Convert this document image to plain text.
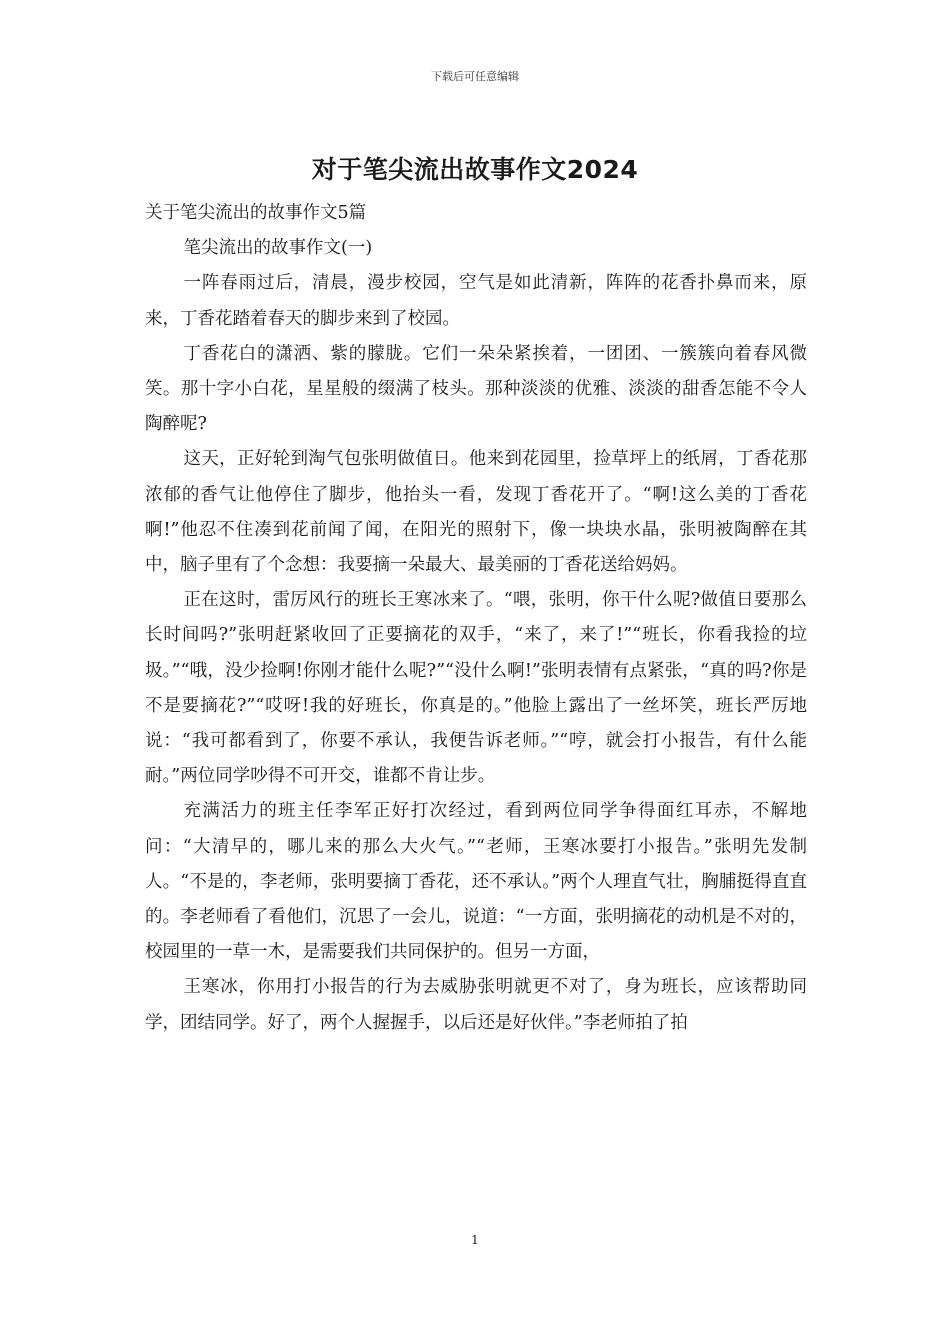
下载后可任意编辑
对于笔尖流出故事作文2024

关于笔尖流出的故事作文5篇

笔尖流出的故事作文(一)

一阵春雨过后，清晨，漫步校园，空气是如此清新，阵阵的花香扑鼻而来，原来，丁香花踏着春天的脚步来到了校园。

丁香花白的潇洒、紫的朦胧。它们一朵朵紧挨着，一团团、一簇簇向着春风微笑。那十字小白花，星星般的缀满了枝头。那种淡淡的优雅、淡淡的甜香怎能不令人陶醉呢?

这天，正好轮到淘气包张明做值日。他来到花园里，捡草坪上的纸屑，丁香花那浓郁的香气让他停住了脚步，他抬头一看，发现丁香花开了。“啊!这么美的丁香花啊!”他忍不住凑到花前闻了闻，在阳光的照射下，像一块块水晶，张明被陶醉在其中，脑子里有了个念想：我要摘一朵最大、最美丽的丁香花送给妈妈。

正在这时，雷厉风行的班长王寒冰来了。“喂，张明，你干什么呢?做值日要那么长时间吗?”张明赶紧收回了正要摘花的双手，“来了，来了!”“班长，你看我捡的垃圾。”“哦，没少捡啊!你刚才能什么呢?”“没什么啊!”张明表情有点紧张，“真的吗?你是不是要摘花?”“哎呀!我的好班长，你真是的。”他脸上露出了一丝坏笑，班长严厉地说：“我可都看到了，你要不承认，我便告诉老师。”“哼，就会打小报告，有什么能耐。”两位同学吵得不可开交，谁都不肯让步。

充满活力的班主任李军正好打次经过，看到两位同学争得面红耳赤，不解地问：“大清早的，哪儿来的那么大火气。”“老师，王寒冰要打小报告。”张明先发制人。“不是的，李老师，张明要摘丁香花，还不承认。”两个人理直气壮，胸脯挺得直直的。李老师看了看他们，沉思了一会儿，说道：“一方面，张明摘花的动机是不对的，校园里的一草一木，是需要我们共同保护的。但另一方面，

王寒冰，你用打小报告的行为去威胁张明就更不对了，身为班长，应该帮助同学，团结同学。好了，两个人握握手，以后还是好伙伴。”李老师拍了拍

1
